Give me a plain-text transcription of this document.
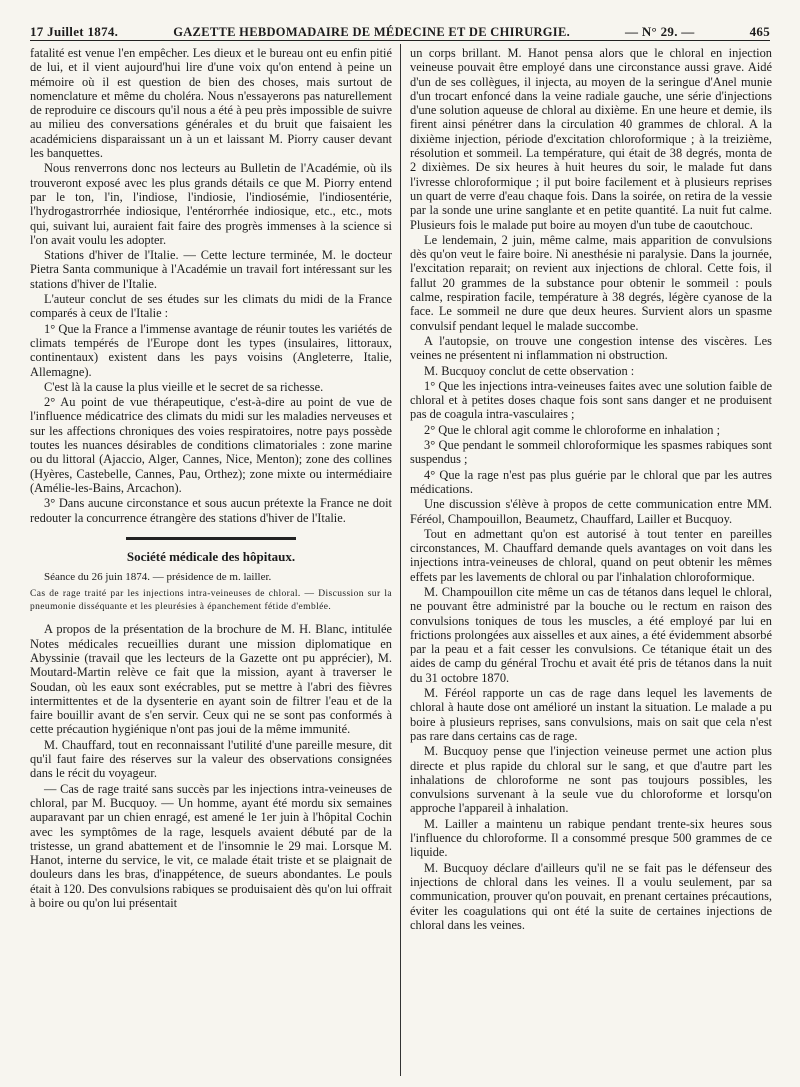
17 Juillet 1874.	GAZETTE HEBDOMADAIRE DE MÉDECINE ET DE CHIRURGIE.	— N° 29. —	465

fatalité est venue l'en empêcher. Les dieux et le bureau ont eu enfin pitié de lui, et il vient aujourd'hui lire d'une voix qu'on entend à peine un mémoire où il est question de bien des choses, mais surtout de nomenclature et même du choléra. Nous n'essayerons pas naturellement de reproduire ce discours qu'il nous a été à peu près impossible de suivre au milieu des conversations générales et du bruit que faisaient les académiciens disparaissant un à un et laissant M. Piorry causer devant les banquettes.

Nous renverrons donc nos lecteurs au Bulletin de l'Académie, où ils trouveront exposé avec les plus grands détails ce que M. Piorry entend par le ton, l'in, l'indiose, l'indiosie, l'indiosémie, l'indiosentérie, l'hydrogastrorrhée indiosique, l'entérorrhée indiosique, etc., etc., mots qui, suivant lui, auraient fait faire des progrès immenses à la science si l'on avait voulu les adopter.

Stations d'hiver de l'Italie. — Cette lecture terminée, M. le docteur Pietra Santa communique à l'Académie un travail fort intéressant sur les stations d'hiver de l'Italie.

L'auteur conclut de ses études sur les climats du midi de la France comparés à ceux de l'Italie :

1° Que la France a l'immense avantage de réunir toutes les variétés de climats tempérés de l'Europe dont les types (insulaires, littoraux, continentaux) existent dans les pays voisins (Angleterre, Italie, Allemagne).

C'est là la cause la plus vieille et le secret de sa richesse.

2° Au point de vue thérapeutique, c'est-à-dire au point de vue de l'influence médicatrice des climats du midi sur les maladies nerveuses et sur les affections chroniques des voies respiratoires, notre pays possède toutes les nuances désirables de conditions climatoriales : zone marine ou du littoral (Ajaccio, Alger, Cannes, Nice, Menton); zone des collines (Hyères, Castebelle, Cannes, Pau, Orthez); zone mixte ou intermédiaire (Amélie-les-Bains, Arcachon).

3° Dans aucune circonstance et sous aucun prétexte la France ne doit redouter la concurrence étrangère des stations d'hiver de l'Italie.

Société médicale des hôpitaux.

Séance du 26 juin 1874. — présidence de m. lailler.

Cas de rage traité par les injections intra-veineuses de chloral. — Discussion sur la pneumonie disséquante et les pleurésies à épanchement fétide d'emblée.

A propos de la présentation de la brochure de M. H. Blanc, intitulée Notes médicales recueillies durant une mission diplomatique en Abyssinie (travail que les lecteurs de la Gazette ont pu apprécier), M. Moutard-Martin relève ce fait que la mission, ayant à traverser le Soudan, où les eaux sont exécrables, put se mettre à l'abri des fièvres intermittentes et de la dysenterie en ayant soin de filtrer l'eau et de la faire bouillir avant de s'en servir. Ceux qui ne se sont pas conformés à cette précaution hygiénique n'ont pas joui de la même immunité.

M. Chauffard, tout en reconnaissant l'utilité d'une pareille mesure, dit qu'il faut faire des réserves sur la valeur des observations consignées dans le récit du voyageur.

— Cas de rage traité sans succès par les injections intra-veineuses de chloral, par M. Bucquoy. — Un homme, ayant été mordu six semaines auparavant par un chien enragé, est amené le 1er juin à l'hôpital Cochin avec les symptômes de la rage, lesquels avaient débuté par de la tristesse, un grand abattement et de l'insomnie le 29 mai. Lorsque M. Hanot, interne du service, le vit, ce malade était triste et se plaignait de douleurs dans les bras, d'inappétence, de sueurs abondantes. Le pouls était à 120. Des convulsions rabiques se produisaient dès qu'on lui offrait à boire ou qu'on lui présentait

un corps brillant. M. Hanot pensa alors que le chloral en injection veineuse pouvait être employé dans une circonstance aussi grave. Aidé d'un de ses collègues, il injecta, au moyen de la seringue d'Anel munie d'un trocart enfoncé dans la veine radiale gauche, une série d'injections d'une solution aqueuse de chloral au dixième. En une heure et demie, ils firent ainsi pénétrer dans la circulation 40 grammes de chloral. A la dixième injection, période d'excitation chloroformique ; à la treizième, résolution et sommeil. La température, qui était de 38 degrés, monta de 2 dixièmes. De six heures à huit heures du soir, le malade fut dans l'ivresse chloroformique ; il put boire facilement et à plusieurs reprises un quart de verre d'eau chaque fois. Dans la soirée, on retira de la vessie par la sonde une urine sanglante et en petite quantité. La nuit fut calme. Plusieurs fois le malade put boire au moyen d'un tube de caoutchouc.

Le lendemain, 2 juin, même calme, mais apparition de convulsions dès qu'on veut le faire boire. Ni anesthésie ni paralysie. Dans la journée, l'excitation reparait; on revient aux injections de chloral. Cette fois, il fallut 20 grammes de la substance pour obtenir le sommeil : pouls calme, respiration facile, température à 38 degrés, légère cyanose de la face. Le sommeil ne dure que deux heures. Survient alors un spasme convulsif pendant lequel le malade succombe.

A l'autopsie, on trouve une congestion intense des viscères. Les veines ne présentent ni inflammation ni obstruction.

M. Bucquoy conclut de cette observation :

1° Que les injections intra-veineuses faites avec une solution faible de chloral et à petites doses chaque fois sont sans danger et ne produisent pas de coagula intra-vasculaires ;

2° Que le chloral agit comme le chloroforme en inhalation ;

3° Que pendant le sommeil chloroformique les spasmes rabiques sont suspendus ;

4° Que la rage n'est pas plus guérie par le chloral que par les autres médications.

Une discussion s'élève à propos de cette communication entre MM. Féréol, Champouillon, Beaumetz, Chauffard, Lailler et Bucquoy.

Tout en admettant qu'on est autorisé à tout tenter en pareilles circonstances, M. Chauffard demande quels avantages on voit dans les injections intra-veineuses de chloral, quand on peut obtenir les mêmes effets par les lavements de chloral ou par l'inhalation chloroformique.

M. Champouillon cite même un cas de tétanos dans lequel le chloral, ne pouvant être administré par la bouche ou le rectum en raison des convulsions toniques de tous les muscles, a été employé par lui en frictions prolongées aux aisselles et aux aines, a été évidemment absorbé par la peau et a fait cesser les convulsions. Ce tétanique était un des aides de camp du général Trochu et avait été pris de tétanos dans la nuit du 31 octobre 1870.

M. Féréol rapporte un cas de rage dans lequel les lavements de chloral à haute dose ont amélioré un instant la situation. Le malade a pu boire à plusieurs reprises, sans convulsions, mais on sait que cela n'est pas rare dans certains cas de rage.

M. Bucquoy pense que l'injection veineuse permet une action plus directe et plus rapide du chloral sur le sang, et que d'autre part les inhalations de chloroforme ne sont pas toujours possibles, les convulsions survenant à la seule vue du chloroforme et lorsqu'on approche l'appareil à inhalation.

M. Lailler a maintenu un rabique pendant trente-six heures sous l'influence du chloroforme. Il a consommé presque 500 grammes de ce liquide.

M. Bucquoy déclare d'ailleurs qu'il ne se fait pas le défenseur des injections de chloral dans les veines. Il a voulu seulement, par sa communication, prouver qu'on pouvait, en prenant certaines précautions, éviter les coagulations qui ont été la suite de certaines injections de chloral dans les veines.
